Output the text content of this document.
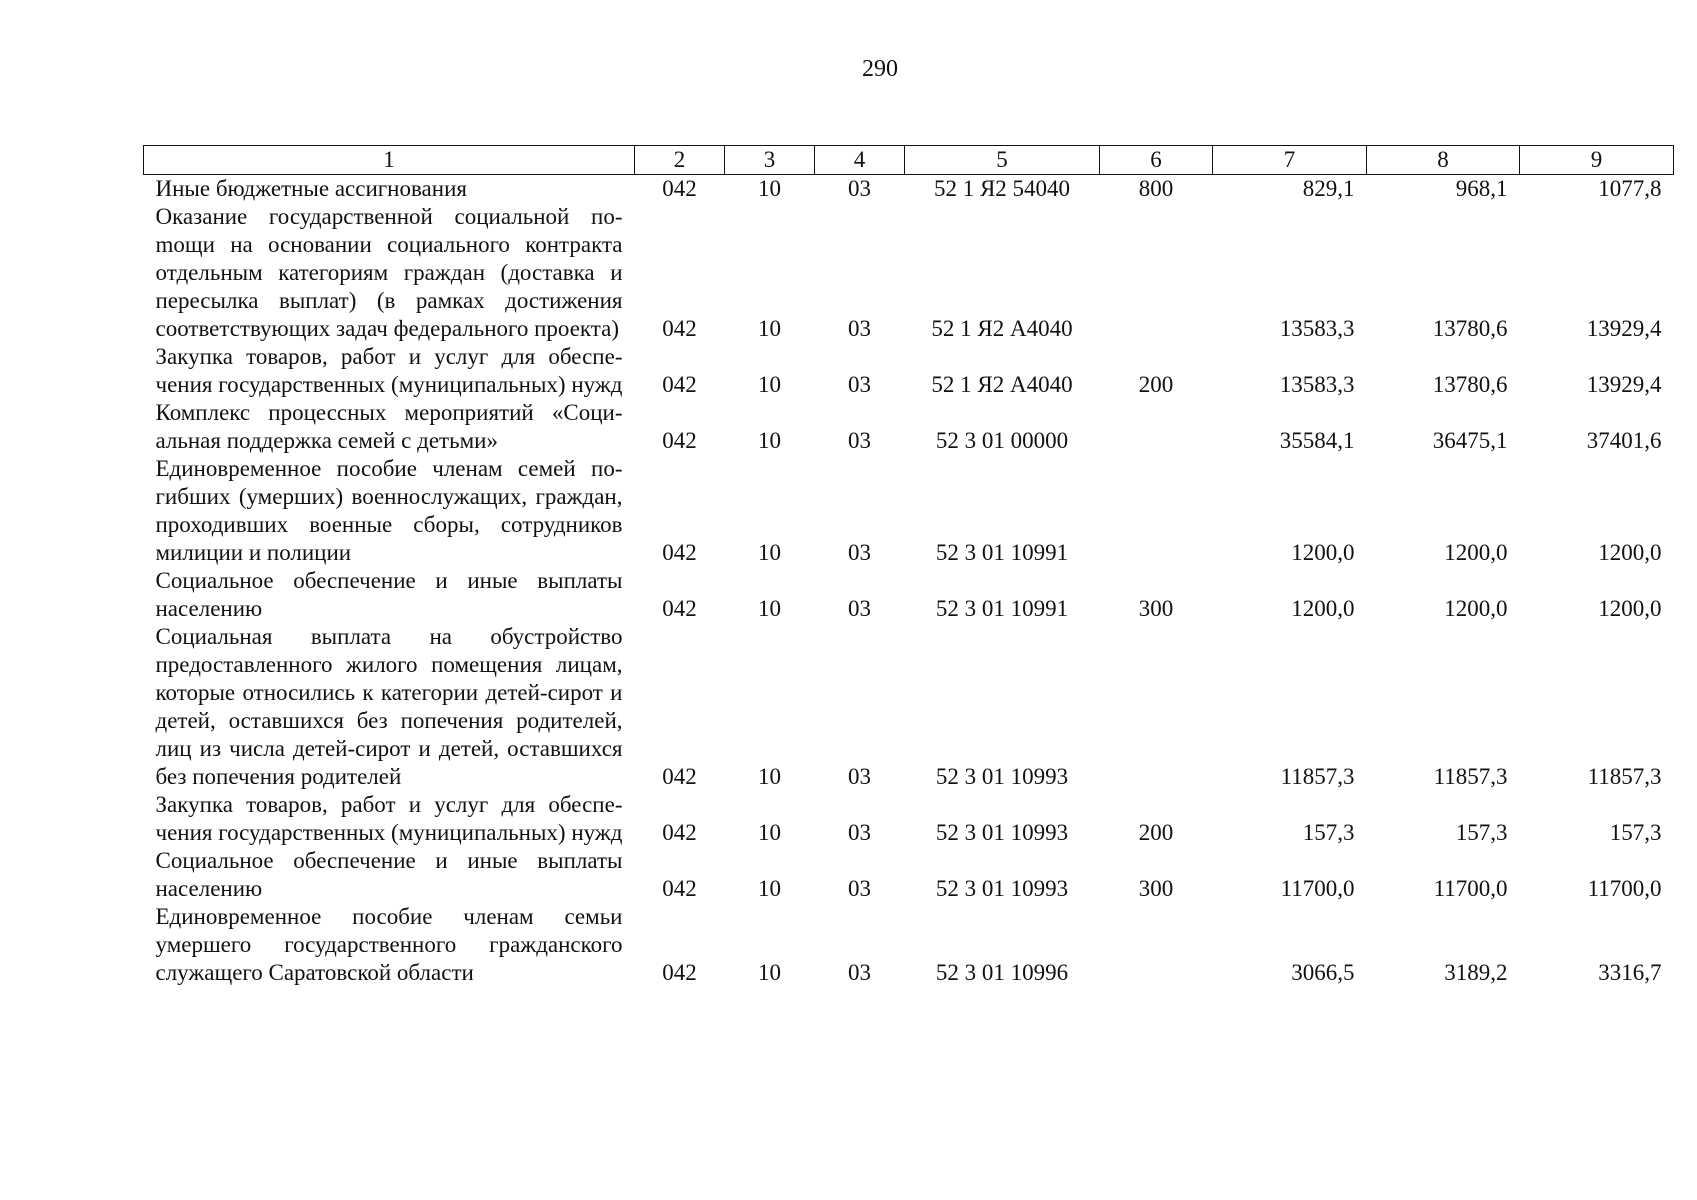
290
1	2	3	4	5	6	7	8	9
Иные бюджетные ассигнования	042	10	03	52 1 Я2 54040	800	829,1	968,1	1077,8
Оказание государственной социальной поmощи на основании социального контракта отдельным категориям граждан (доставка и пересылка выплат) (в рамках достижения соответствующих задач федерального проекта)	042	10	03	52 1 Я2 А4040		13583,3	13780,6	13929,4
Закупка товаров, работ и услуг для обеспечения государственных (муниципальных) нужд	042	10	03	52 1 Я2 А4040	200	13583,3	13780,6	13929,4
Комплекс процессных мероприятий «Социальная поддержка семей с детьми»	042	10	03	52 3 01 00000		35584,1	36475,1	37401,6
Единовременное пособие членам семей погибших (умерших) военнослужащих, граждан, проходивших военные сборы, сотрудников милиции и полиции	042	10	03	52 3 01 10991		1200,0	1200,0	1200,0
Социальное обеспечение и иные выплаты населению	042	10	03	52 3 01 10991	300	1200,0	1200,0	1200,0
Социальная выплата на обустройство предоставленного жилого помещения лицам, которые относились к категории детей-сирот и детей, оставшихся без попечения родителей, лиц из числа детей-сирот и детей, оставшихся без попечения родителей	042	10	03	52 3 01 10993		11857,3	11857,3	11857,3
Закупка товаров, работ и услуг для обеспечения государственных (муниципальных) нужд	042	10	03	52 3 01 10993	200	157,3	157,3	157,3
Социальное обеспечение и иные выплаты населению	042	10	03	52 3 01 10993	300	11700,0	11700,0	11700,0
Единовременное пособие членам семьи умершего государственного гражданского служащего Саратовской области	042	10	03	52 3 01 10996		3066,5	3189,2	3316,7
